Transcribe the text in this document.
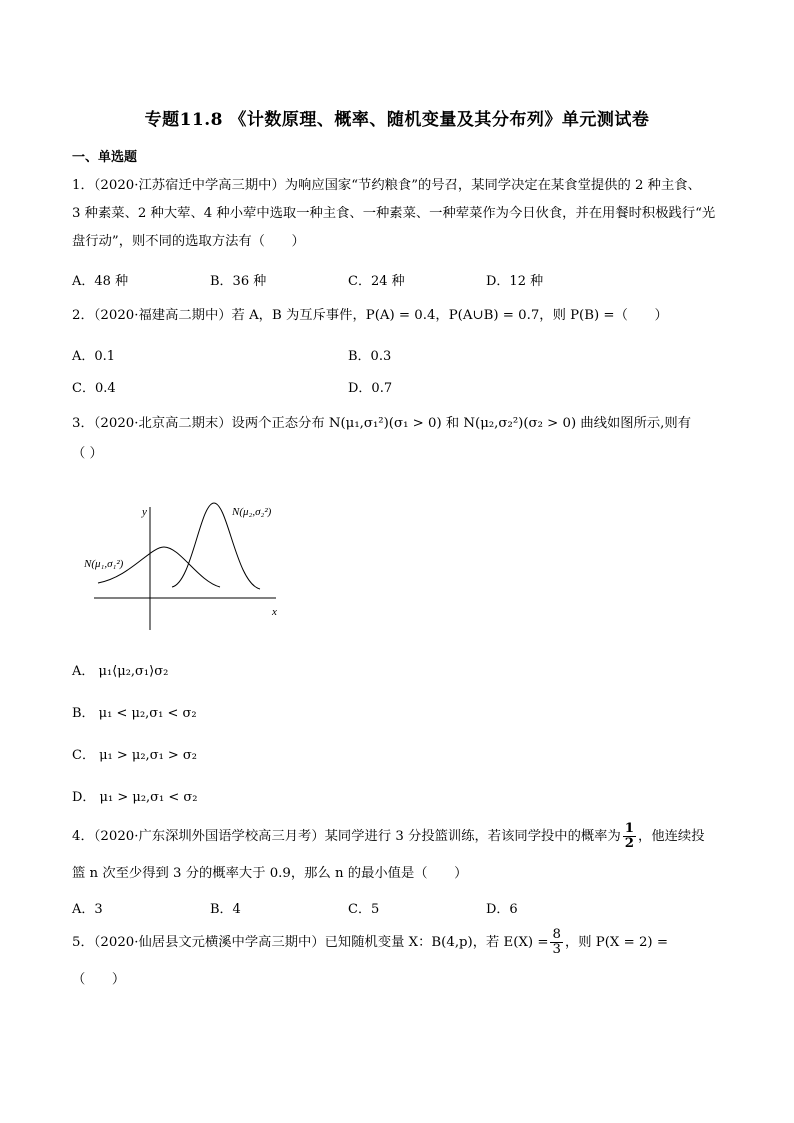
专题11.8 《计数原理、概率、随机变量及其分布列》单元测试卷
一、单选题
1．（2020·江苏宿迁中学高三期中）为响应国家“节约粮食”的号召，某同学决定在某食堂提供的 2 种主食、
3 种素菜、2 种大荤、4 种小荤中选取一种主食、一种素菜、一种荤菜作为今日伙食，并在用餐时积极践行“光
盘行动”，则不同的选取方法有（　　）
A．48 种	B．36 种	C．24 种	D．12 种
2．（2020·福建高二期中）若 A，B 为互斥事件，P(A) = 0.4，P(A∪B) = 0.7，则 P(B) =（　　）
A．0.1	B．0.3
C．0.4	D．0.7
3．（2020·北京高二期末）设两个正态分布 N(μ₁,σ₁²)(σ₁ > 0) 和 N(μ₂,σ₂²)(σ₂ > 0) 曲线如图所示,则有
（ ）
y
x
N(μ₁,σ₁²)
N(μ₂,σ₂²)
A． μ₁⟨μ₂,σ₁⟩σ₂
B． μ₁ < μ₂,σ₁ < σ₂
C． μ₁ > μ₂,σ₁ > σ₂
D． μ₁ > μ₂,σ₁ < σ₂
4．（2020·广东深圳外国语学校高三月考）某同学进行 3 分投篮训练，若该同学投中的概率为 $\frac{1}{2}$ ，他连续投
篮 n 次至少得到 3 分的概率大于 0.9，那么 n 的最小值是（　　）
A．3	B．4	C．5	D．6
5．（2020·仙居县文元横溪中学高三期中）已知随机变量 X：B(4,p)，若 $E(X) = \frac{8}{3}$ ，则 P(X = 2) =
（　　）
